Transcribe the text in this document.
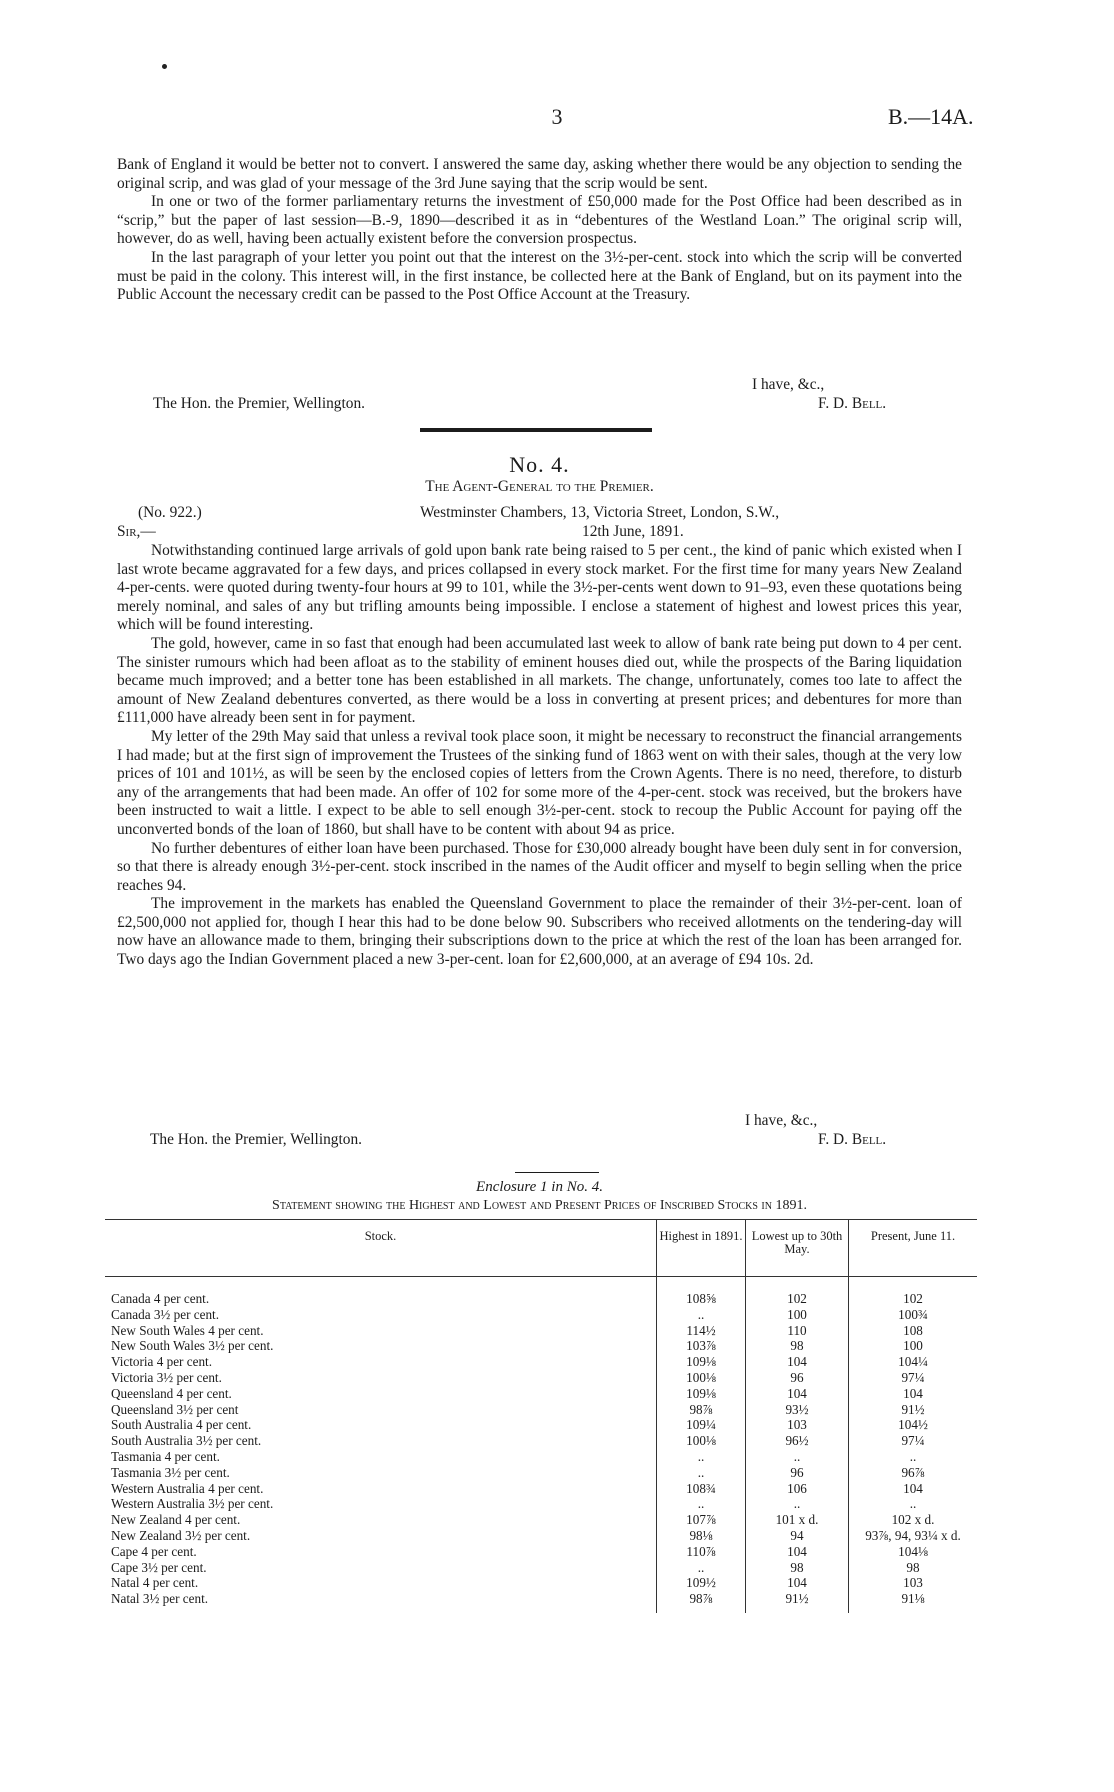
3	B.—14A.

Bank of England it would be better not to convert. I answered the same day, asking whether there would be any objection to sending the original scrip, and was glad of your message of the 3rd June saying that the scrip would be sent.

In one or two of the former parliamentary returns the investment of £50,000 made for the Post Office had been described as in “scrip,” but the paper of last session—B.-9, 1890—described it as in “debentures of the Westland Loan.” The original scrip will, however, do as well, having been actually existent before the conversion prospectus.

In the last paragraph of your letter you point out that the interest on the 3½-per-cent. stock into which the scrip will be converted must be paid in the colony. This interest will, in the first instance, be collected here at the Bank of England, but on its payment into the Public Account the necessary credit can be passed to the Post Office Account at the Treasury.

I have, &c.,
The Hon. the Premier, Wellington.	F. D. Bell.
No. 4.
The Agent-General to the Premier.
(No. 922.)	Westminster Chambers, 13, Victoria Street, London, S.W.,
12th June, 1891.
Sir,—

Notwithstanding continued large arrivals of gold upon bank rate being raised to 5 per cent., the kind of panic which existed when I last wrote became aggravated for a few days, and prices collapsed in every stock market. For the first time for many years New Zealand 4-per-cents. were quoted during twenty-four hours at 99 to 101, while the 3½-per-cents went down to 91–93, even these quotations being merely nominal, and sales of any but trifling amounts being impossible. I enclose a statement of highest and lowest prices this year, which will be found interesting.

The gold, however, came in so fast that enough had been accumulated last week to allow of bank rate being put down to 4 per cent. The sinister rumours which had been afloat as to the stability of eminent houses died out, while the prospects of the Baring liquidation became much improved; and a better tone has been established in all markets. The change, unfortunately, comes too late to affect the amount of New Zealand debentures converted, as there would be a loss in converting at present prices; and debentures for more than £111,000 have already been sent in for payment.

My letter of the 29th May said that unless a revival took place soon, it might be necessary to reconstruct the financial arrangements I had made; but at the first sign of improvement the Trustees of the sinking fund of 1863 went on with their sales, though at the very low prices of 101 and 101½, as will be seen by the enclosed copies of letters from the Crown Agents. There is no need, therefore, to disturb any of the arrangements that had been made. An offer of 102 for some more of the 4-per-cent. stock was received, but the brokers have been instructed to wait a little. I expect to be able to sell enough 3½-per-cent. stock to recoup the Public Account for paying off the unconverted bonds of the loan of 1860, but shall have to be content with about 94 as price.

No further debentures of either loan have been purchased. Those for £30,000 already bought have been duly sent in for conversion, so that there is already enough 3½-per-cent. stock inscribed in the names of the Audit officer and myself to begin selling when the price reaches 94.

The improvement in the markets has enabled the Queensland Government to place the remainder of their 3½-per-cent. loan of £2,500,000 not applied for, though I hear this had to be done below 90. Subscribers who received allotments on the tendering-day will now have an allowance made to them, bringing their subscriptions down to the price at which the rest of the loan has been arranged for. Two days ago the Indian Government placed a new 3-per-cent. loan for £2,600,000, at an average of £94 10s. 2d.

I have, &c.,
The Hon. the Premier, Wellington.	F. D. Bell.
Enclosure 1 in No. 4.
Statement showing the Highest and Lowest and Present Prices of Inscribed Stocks in 1891.
Stock.	Highest in 1891.	Lowest up to 30th May.	Present, June 11.
Canada 4 per cent.	108⅝	102	102
Canada 3½ per cent.	..	100	100¾
New South Wales 4 per cent.	114½	110	108
New South Wales 3½ per cent.	103⅞	98	100
Victoria 4 per cent.	109⅛	104	104¼
Victoria 3½ per cent.	100⅛	96	97¼
Queensland 4 per cent.	109⅛	104	104
Queensland 3½ per cent	98⅞	93½	91½
South Australia 4 per cent.	109¼	103	104½
South Australia 3½ per cent.	100⅛	96½	97¼
Tasmania 4 per cent.	..	..	..
Tasmania 3½ per cent.	..	96	96⅞
Western Australia 4 per cent.	108¾	106	104
Western Australia 3½ per cent.	..	..	..
New Zealand 4 per cent.	107⅞	101 x d.	102 x d.
New Zealand 3½ per cent.	98⅛	94	93⅞, 94, 93¼ x d.
Cape 4 per cent.	110⅞	104	104⅛
Cape 3½ per cent.	..	98	98
Natal 4 per cent.	109½	104	103
Natal 3½ per cent.	98⅞	91½	91⅛
